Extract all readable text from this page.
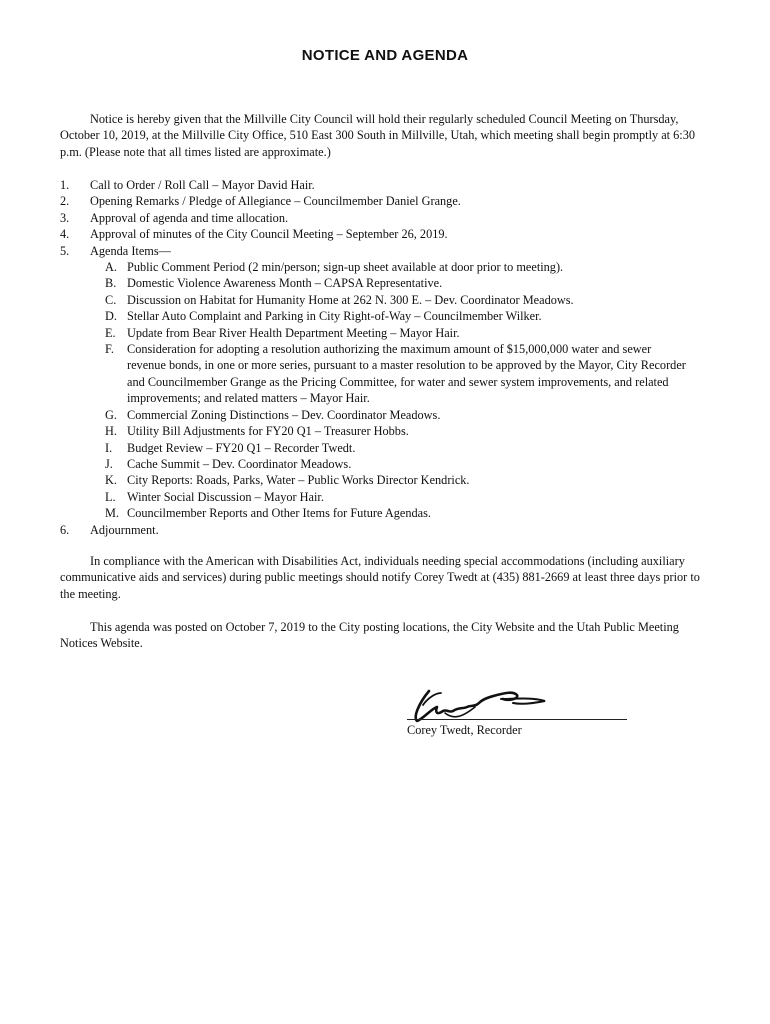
NOTICE AND AGENDA

Notice is hereby given that the Millville City Council will hold their regularly scheduled Council Meeting on Thursday, October 10, 2019, at the Millville City Office, 510 East 300 South in Millville, Utah, which meeting shall begin promptly at 6:30 p.m. (Please note that all times listed are approximate.)

1. Call to Order / Roll Call – Mayor David Hair.
2. Opening Remarks / Pledge of Allegiance – Councilmember Daniel Grange.
3. Approval of agenda and time allocation.
4. Approval of minutes of the City Council Meeting – September 26, 2019.
5. Agenda Items—
A. Public Comment Period (2 min/person; sign-up sheet available at door prior to meeting).
B. Domestic Violence Awareness Month – CAPSA Representative.
C. Discussion on Habitat for Humanity Home at 262 N. 300 E. – Dev. Coordinator Meadows.
D. Stellar Auto Complaint and Parking in City Right-of-Way – Councilmember Wilker.
E. Update from Bear River Health Department Meeting – Mayor Hair.
F. Consideration for adopting a resolution authorizing the maximum amount of $15,000,000 water and sewer revenue bonds, in one or more series, pursuant to a master resolution to be approved by the Mayor, City Recorder and Councilmember Grange as the Pricing Committee, for water and sewer system improvements, and related improvements; and related matters – Mayor Hair.
G. Commercial Zoning Distinctions – Dev. Coordinator Meadows.
H. Utility Bill Adjustments for FY20 Q1 – Treasurer Hobbs.
I. Budget Review – FY20 Q1 – Recorder Twedt.
J. Cache Summit – Dev. Coordinator Meadows.
K. City Reports: Roads, Parks, Water – Public Works Director Kendrick.
L. Winter Social Discussion – Mayor Hair.
M. Councilmember Reports and Other Items for Future Agendas.
6. Adjournment.

In compliance with the American with Disabilities Act, individuals needing special accommodations (including auxiliary communicative aids and services) during public meetings should notify Corey Twedt at (435) 881-2669 at least three days prior to the meeting.

This agenda was posted on October 7, 2019 to the City posting locations, the City Website and the Utah Public Meeting Notices Website.

Corey Twedt, Recorder
